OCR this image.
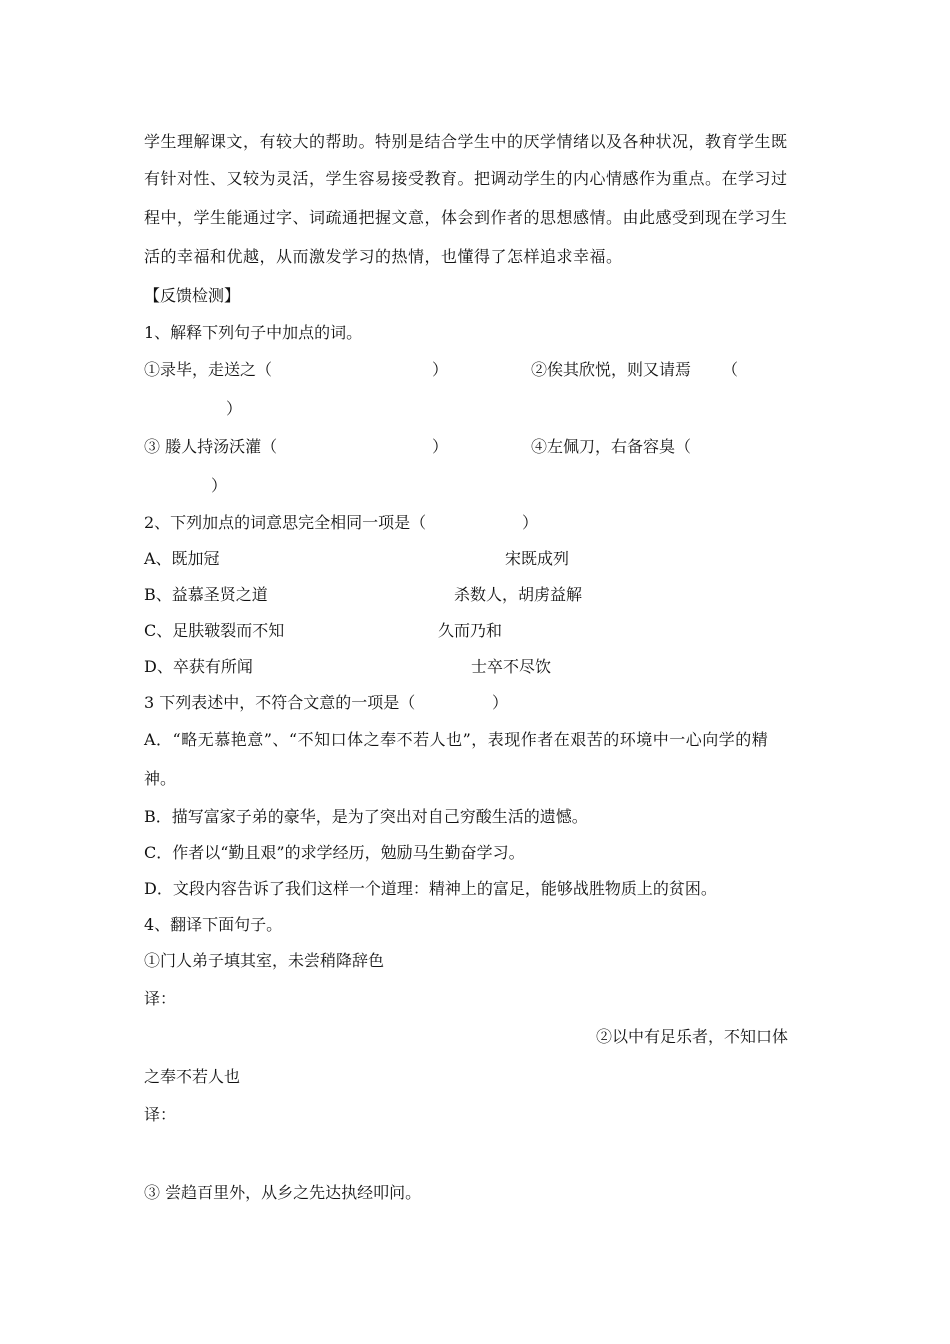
学生理解课文，有较大的帮助。特别是结合学生中的厌学情绪以及各种状况，教育学生既
有针对性、又较为灵活，学生容易接受教育。把调动学生的内心情感作为重点。在学习过
程中，学生能通过字、词疏通把握文意，体会到作者的思想感情。由此感受到现在学习生
活的幸福和优越，从而激发学习的热情，也懂得了怎样追求幸福。
【反馈检测】
1、解释下列句子中加点的词。
①录毕，走送之（	）	②俟其欣悦，则又请焉 （
）
③ 媵人持汤沃灌（	）	④左佩刀，右备容臭（
）
2、下列加点的词意思完全相同一项是（	）
A、既加冠	宋既成列
B、益慕圣贤之道	杀数人，胡虏益解
C、足肤皲裂而不知	久而乃和
D、卒获有所闻	士卒不尽饮
3 下列表述中，不符合文意的一项是（	）
A．“略无慕艳意”、“不知口体之奉不若人也”，表现作者在艰苦的环境中一心向学的精
神。
B．描写富家子弟的豪华，是为了突出对自己穷酸生活的遗憾。
C．作者以“勤且艰”的求学经历，勉励马生勤奋学习。
D．文段内容告诉了我们这样一个道理：精神上的富足，能够战胜物质上的贫困。
4、翻译下面句子。
①门人弟子填其室，未尝稍降辞色
译：
②以中有足乐者，不知口体
之奉不若人也
译：
③ 尝趋百里外，从乡之先达执经叩问。
